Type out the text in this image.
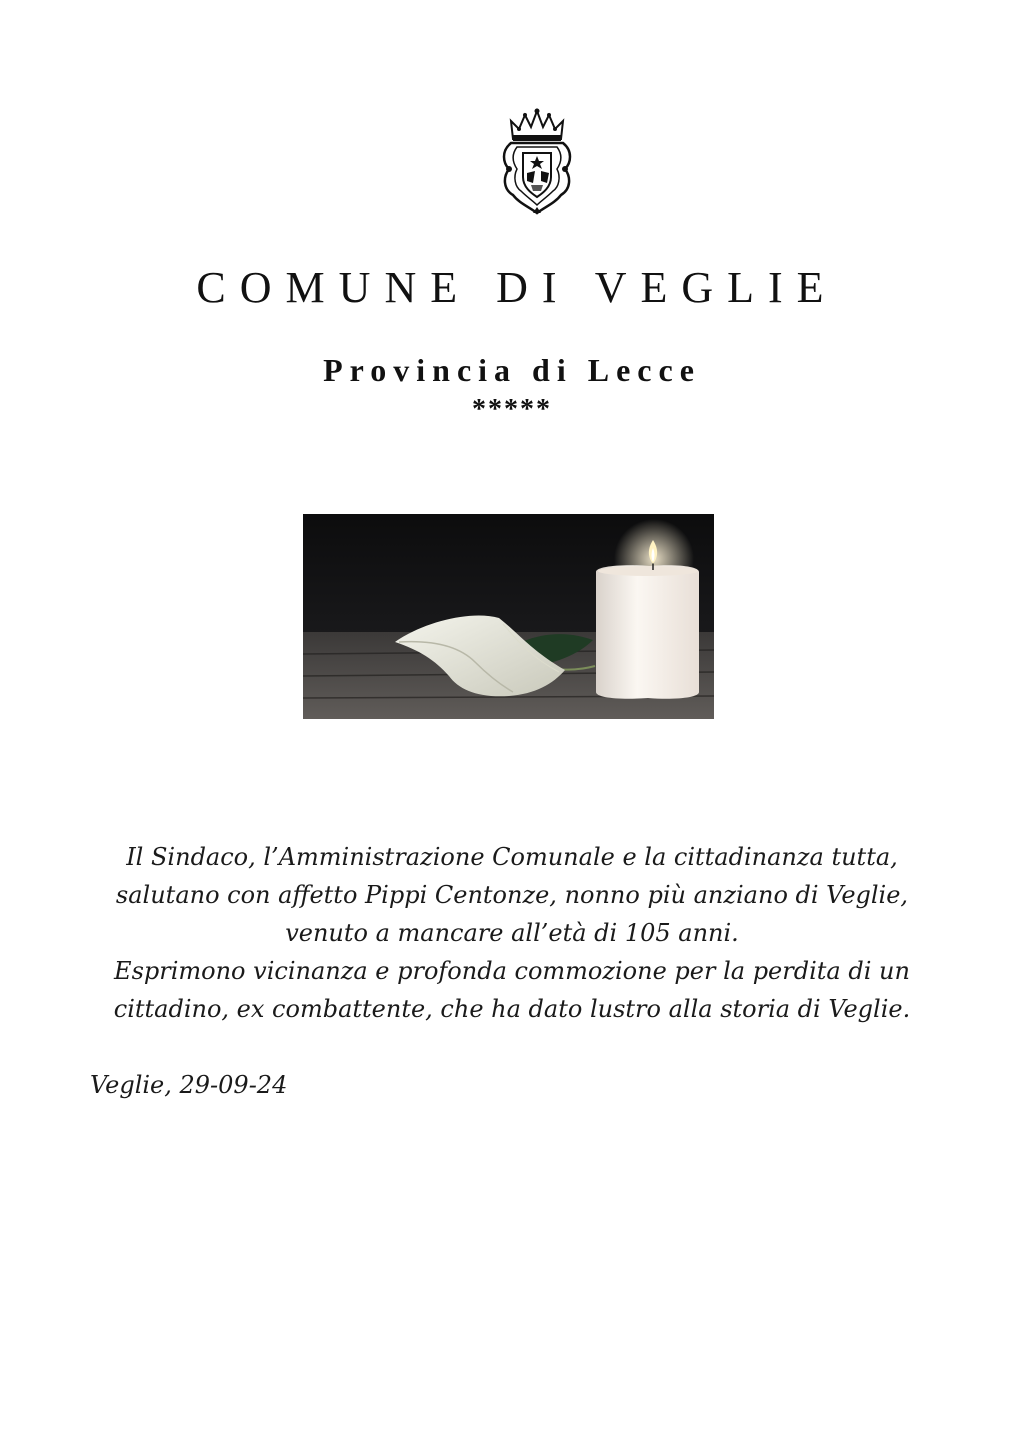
COMUNE DI VEGLIE
Provincia di Lecce
*****

Il Sindaco, l’Amministrazione Comunale e la cittadinanza tutta,

salutano con affetto Pippi Centonze, nonno più anziano di Veglie,

venuto a mancare all’età di 105 anni.

Esprimono vicinanza e profonda commozione per la perdita di un

cittadino, ex combattente, che ha dato lustro alla storia di Veglie.

Veglie, 29-09-24
